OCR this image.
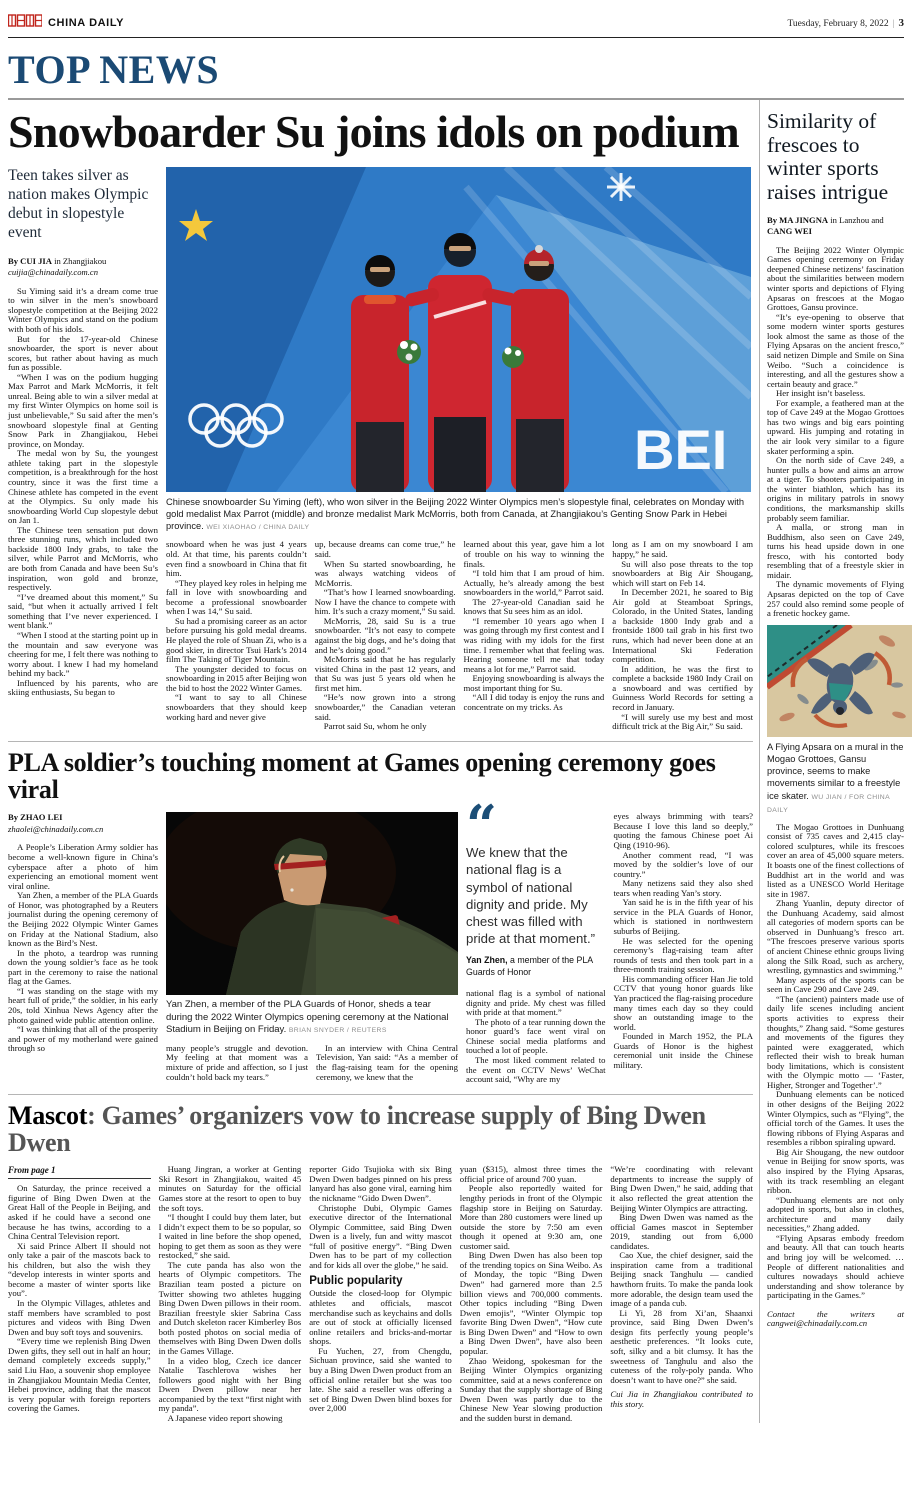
CHINA DAILY	Tuesday, February 8, 2022 | 3
TOP NEWS
Snowboarder Su joins idols on podium
Teen takes silver as nation makes Olympic debut in slopestyle event
By CUI JIA in Zhangjiakou
cuijia@chinadaily.com.cn

Su Yiming said it’s a dream come true to win silver in the men’s snowboard slopestyle competition at the Beijing 2022 Winter Olympics and stand on the podium with both of his idols.

But for the 17-year-old Chinese snowboarder, the sport is never about scores, but rather about having as much fun as possible.

“When I was on the podium hugging Max Parrot and Mark McMorris, it felt unreal. Being able to win a silver medal at my first Winter Olympics on home soil is just unbelievable,” Su said after the men’s snowboard slopestyle final at Genting Snow Park in Zhangjiakou, Hebei province, on Monday.

The medal won by Su, the youngest athlete taking part in the slopestyle competition, is a breakthrough for the host country, since it was the first time a Chinese athlete has competed in the event at the Olympics. Su only made his snowboarding World Cup slopestyle debut on Jan 1.

The Chinese teen sensation put down three stunning runs, which included two backside 1800 Indy grabs, to take the silver, while Parrot and McMorris, who are both from Canada and have been Su’s inspiration, won gold and bronze, respectively.

“I’ve dreamed about this moment,” Su said, “but when it actually arrived I felt something that I’ve never experienced. I went blank.”

“When I stood at the starting point up in the mountain and saw everyone was cheering for me, I felt there was nothing to worry about. I knew I had my homeland behind my back.”

Influenced by his parents, who are skiing enthusiasts, Su began to

BEI
Chinese snowboarder Su Yiming (left), who won silver in the Beijing 2022 Winter Olympics men’s slopestyle final, celebrates on Monday with gold medalist Max Parrot (middle) and bronze medalist Mark McMorris, both from Canada, at Zhangjiakou’s Genting Snow Park in Hebei province. WEI XIAOHAO / CHINA DAILY

snowboard when he was just 4 years old. At that time, his parents couldn’t even find a snowboard in China that fit him.

“They played key roles in helping me fall in love with snowboarding and become a professional snowboarder when I was 14,” Su said.

Su had a promising career as an actor before pursuing his gold medal dreams. He played the role of Shuan Zi, who is a good skier, in director Tsui Hark’s 2014 film The Taking of Tiger Mountain.

The youngster decided to focus on snowboarding in 2015 after Beijing won the bid to host the 2022 Winter Games.

“I want to say to all Chinese snowboarders that they should keep working hard and never give

up, because dreams can come true,” he said.

When Su started snowboarding, he was always watching videos of McMorris.

“That’s how I learned snowboarding. Now I have the chance to compete with him. It’s such a crazy moment,” Su said.

McMorris, 28, said Su is a true snowboarder. “It’s not easy to compete against the big dogs, and he’s doing that and he’s doing good.”

McMorris said that he has regularly visited China in the past 12 years, and that Su was just 5 years old when he first met him.

“He’s now grown into a strong snowboarder,” the Canadian veteran said.

Parrot said Su, whom he only

learned about this year, gave him a lot of trouble on his way to winning the finals.

“I told him that I am proud of him. Actually, he’s already among the best snowboarders in the world,” Parrot said.

The 27-year-old Canadian said he knows that Su sees him as an idol.

“I remember 10 years ago when I was going through my first contest and I was riding with my idols for the first time. I remember what that feeling was. Hearing someone tell me that today means a lot for me,” Parrot said.

Enjoying snowboarding is always the most important thing for Su.

“All I did today is enjoy the runs and concentrate on my tricks. As

long as I am on my snowboard I am happy,” he said.

Su will also pose threats to the top snowboarders at Big Air Shougang, which will start on Feb 14.

In December 2021, he soared to Big Air gold at Steamboat Springs, Colorado, in the United States, landing a backside 1800 Indy grab and a frontside 1800 tail grab in his first two runs, which had never been done at an International Ski Federation competition.

In addition, he was the first to complete a backside 1980 Indy Crail on a snowboard and was certified by Guinness World Records for setting a record in January.

“I will surely use my best and most difficult trick at the Big Air,” Su said.

PLA soldier’s touching moment at Games opening ceremony goes viral
By ZHAO LEI
zhaolei@chinadaily.com.cn

A People’s Liberation Army soldier has become a well-known figure in China’s cyberspace after a photo of him experiencing an emotional moment went viral online.

Yan Zhen, a member of the PLA Guards of Honor, was photographed by a Reuters journalist during the opening ceremony of the Beijing 2022 Olympic Winter Games on Friday at the National Stadium, also known as the Bird’s Nest.

In the photo, a teardrop was running down the young soldier’s face as he took part in the ceremony to raise the national flag at the Games.

“I was standing on the stage with my heart full of pride,” the soldier, in his early 20s, told Xinhua News Agency after the photo gained wide public attention online.

“I was thinking that all of the prosperity and power of my motherland were gained through so

Yan Zhen, a member of the PLA Guards of Honor, sheds a tear during the 2022 Winter Olympics opening ceremony at the National Stadium in Beijing on Friday. BRIAN SNYDER / REUTERS

many people’s struggle and devotion. My feeling at that moment was a mixture of pride and affection, so I just couldn’t hold back my tears.”

In an interview with China Central Television, Yan said: “As a member of the flag-raising team for the opening ceremony, we knew that the

“
We knew that the national flag is a symbol of national dignity and pride. My chest was filled with pride at that moment.”
Yan Zhen, a member of the PLA Guards of Honor

national flag is a symbol of national dignity and pride. My chest was filled with pride at that moment.”

The photo of a tear running down the honor guard’s face went viral on Chinese social media platforms and touched a lot of people.

The most liked comment related to the event on CCTV News’ WeChat account said, “Why are my

eyes always brimming with tears? Because I love this land so deeply,” quoting the famous Chinese poet Ai Qing (1910-96).

Another comment read, “I was moved by the soldier’s love of our country.”

Many netizens said they also shed tears when reading Yan’s story.

Yan said he is in the fifth year of his service in the PLA Guards of Honor, which is stationed in northwestern suburbs of Beijing.

He was selected for the opening ceremony’s flag-raising team after rounds of tests and then took part in a three-month training session.

His commanding officer Han Jie told CCTV that young honor guards like Yan practiced the flag-raising procedure many times each day so they could show an outstanding image to the world.

Founded in March 1952, the PLA Guards of Honor is the highest ceremonial unit inside the Chinese military.

Mascot: Games’ organizers vow to increase supply of Bing Dwen Dwen
From page 1

On Saturday, the prince received a figurine of Bing Dwen Dwen at the Great Hall of the People in Beijing, and asked if he could have a second one because he has twins, according to a China Central Television report.

Xi said Prince Albert II should not only take a pair of the mascots back to his children, but also the wish they “develop interests in winter sports and become a master of winter sports like you”.

In the Olympic Villages, athletes and staff members have scrambled to post pictures and videos with Bing Dwen Dwen and buy soft toys and souvenirs.

“Every time we replenish Bing Dwen Dwen gifts, they sell out in half an hour; demand completely exceeds supply,” said Liu Hao, a souvenir shop employee in Zhangjiakou Mountain Media Center, Hebei province, adding that the mascot is very popular with foreign reporters covering the Games.

Huang Jingran, a worker at Genting Ski Resort in Zhangjiakou, waited 45 minutes on Saturday for the official Games store at the resort to open to buy the soft toys.

“I thought I could buy them later, but I didn’t expect them to be so popular, so I waited in line before the shop opened, hoping to get them as soon as they were restocked,” she said.

The cute panda has also won the hearts of Olympic competitors. The Brazilian team posted a picture on Twitter showing two athletes hugging Bing Dwen Dwen pillows in their room. Brazilian freestyle skier Sabrina Cass and Dutch skeleton racer Kimberley Bos both posted photos on social media of themselves with Bing Dwen Dwen dolls in the Games Village.

In a video blog, Czech ice dancer Natalie Taschlerova wishes her followers good night with her Bing Dwen Dwen pillow near her accompanied by the text “first night with my panda”.

A Japanese video report showing

reporter Gido Tsujioka with six Bing Dwen Dwen badges pinned on his press lanyard has also gone viral, earning him the nickname “Gido Dwen Dwen”.

Christophe Dubi, Olympic Games executive director of the International Olympic Committee, said Bing Dwen Dwen is a lively, fun and witty mascot “full of positive energy”. “Bing Dwen Dwen has to be part of my collection and for kids all over the globe,” he said.

Public popularity

Outside the closed-loop for Olympic athletes and officials, mascot merchandise such as keychains and dolls are out of stock at officially licensed online retailers and bricks-and-mortar shops.

Fu Yuchen, 27, from Chengdu, Sichuan province, said she wanted to buy a Bing Dwen Dwen product from an official online retailer but she was too late. She said a reseller was offering a set of Bing Dwen Dwen blind boxes for over 2,000

yuan ($315), almost three times the official price of around 700 yuan.

People also reportedly waited for lengthy periods in front of the Olympic flagship store in Beijing on Saturday. More than 280 customers were lined up outside the store by 7:50 am even though it opened at 9:30 am, one customer said.

Bing Dwen Dwen has also been top of the trending topics on Sina Weibo. As of Monday, the topic “Bing Dwen Dwen” had garnered more than 2.5 billion views and 700,000 comments. Other topics including “Bing Dwen Dwen emojis”, “Winter Olympic top favorite Bing Dwen Dwen”, “How cute is Bing Dwen Dwen” and “How to own a Bing Dwen Dwen”, have also been popular.

Zhao Weidong, spokesman for the Beijing Winter Olympics organizing committee, said at a news conference on Sunday that the supply shortage of Bing Dwen Dwen was partly due to the Chinese New Year slowing production and the sudden burst in demand.

“We’re coordinating with relevant departments to increase the supply of Bing Dwen Dwen,” he said, adding that it also reflected the great attention the Beijing Winter Olympics are attracting.

Bing Dwen Dwen was named as the official Games mascot in September 2019, standing out from 6,000 candidates.

Cao Xue, the chief designer, said the inspiration came from a traditional Beijing snack Tanghulu — candied hawthorn fruits. To make the panda look more adorable, the design team used the image of a panda cub.

Li Yi, 28 from Xi’an, Shaanxi province, said Bing Dwen Dwen’s design fits perfectly young people’s aesthetic preferences. “It looks cute, soft, silky and a bit clumsy. It has the sweetness of Tanghulu and also the cuteness of the roly-poly panda. Who doesn’t want to have one?” she said.

Cui Jia in Zhangjiakou contributed to this story.

Similarity of frescoes to winter sports raises intrigue
By MA JINGNA in Lanzhou and CANG WEI

The Beijing 2022 Winter Olympic Games opening ceremony on Friday deepened Chinese netizens’ fascination about the similarities between modern winter sports and depictions of Flying Apsaras on frescoes at the Mogao Grottoes, Gansu province.

“It’s eye-opening to observe that some modern winter sports gestures look almost the same as those of the Flying Apsaras on the ancient fresco,” said netizen Dimple and Smile on Sina Weibo. “Such a coincidence is interesting, and all the gestures show a certain beauty and grace.”

Her insight isn’t baseless.

For example, a feathered man at the top of Cave 249 at the Mogao Grottoes has two wings and big ears pointing upward. His jumping and rotating in the air look very similar to a figure skater performing a spin.

On the north side of Cave 249, a hunter pulls a bow and aims an arrow at a tiger. To shooters participating in the winter biathlon, which has its origins in military patrols in snowy conditions, the marksmanship skills probably seem familiar.

A malla, or strong man in Buddhism, also seen on Cave 249, turns his head upside down in one fresco, with his contorted body resembling that of a freestyle skier in midair.

The dynamic movements of Flying Apsaras depicted on the top of Cave 257 could also remind some people of a frenetic hockey game.

A Flying Apsara on a mural in the Mogao Grottoes, Gansu province, seems to make movements similar to a freestyle ice skater. WU JIAN / FOR CHINA DAILY

The Mogao Grottoes in Dunhuang consist of 735 caves and 2,415 clay-colored sculptures, while its frescoes cover an area of 45,000 square meters. It boasts one of the finest collections of Buddhist art in the world and was listed as a UNESCO World Heritage site in 1987.

Zhang Yuanlin, deputy director of the Dunhuang Academy, said almost all categories of modern sports can be observed in Dunhuang’s fresco art. “The frescoes preserve various sports of ancient Chinese ethnic groups living along the Silk Road, such as archery, wrestling, gymnastics and swimming.”

Many aspects of the sports can be seen in Cave 290 and Cave 249.

“The (ancient) painters made use of daily life scenes including ancient sports activities to express their thoughts,” Zhang said. “Some gestures and movements of the figures they painted were exaggerated, which reflected their wish to break human body limitations, which is consistent with the Olympic motto — ‘Faster, Higher, Stronger and Together’.”

Dunhuang elements can be noticed in other designs of the Beijing 2022 Winter Olympics, such as “Flying”, the official torch of the Games. It uses the flowing ribbons of Flying Asparas and resembles a ribbon spiraling upward.

Big Air Shougang, the new outdoor venue in Beijing for snow sports, was also inspired by the Flying Apsaras, with its track resembling an elegant ribbon.

“Dunhuang elements are not only adopted in sports, but also in clothes, architecture and many daily necessities,” Zhang added.

“Flying Apsaras embody freedom and beauty. All that can touch hearts and bring joy will be welcomed. … People of different nationalities and cultures nowadays should achieve understanding and show tolerance by participating in the Games.”

Contact the writers at cangwei@chinadaily.com.cn
